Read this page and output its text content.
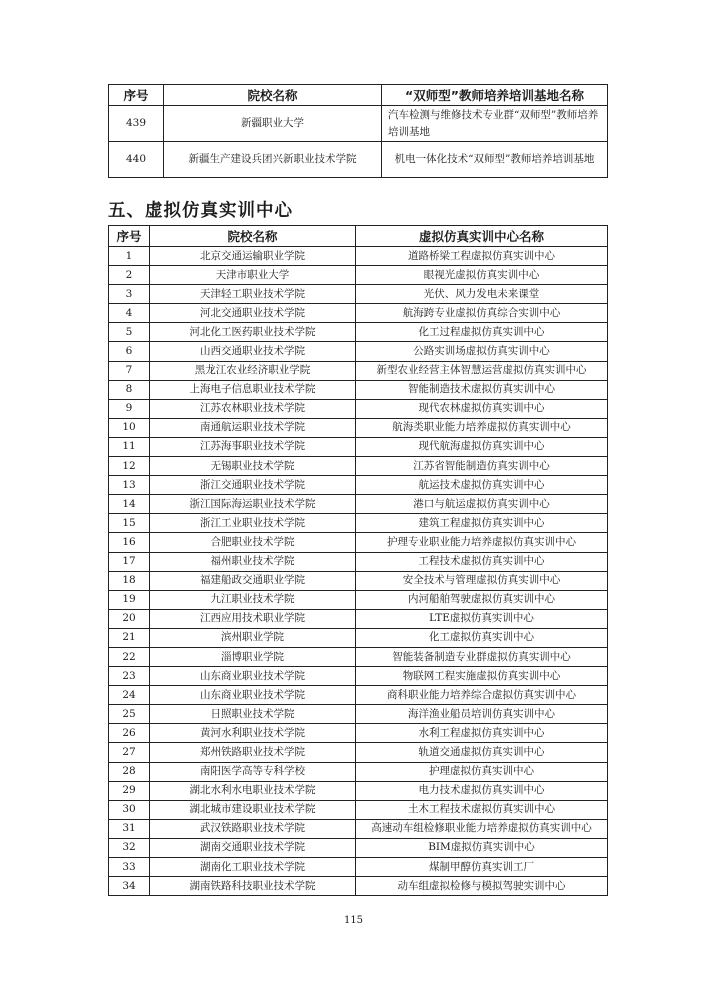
序号	院校名称	“双师型”教师培养培训基地名称
439	新疆职业大学	汽车检测与维修技术专业群“双师型”教师培养培训基地
440	新疆生产建设兵团兴新职业技术学院	机电一体化技术“双师型”教师培养培训基地
五、虚拟仿真实训中心
序号	院校名称	虚拟仿真实训中心名称
1	北京交通运输职业学院	道路桥梁工程虚拟仿真实训中心
2	天津市职业大学	眼视光虚拟仿真实训中心
3	天津轻工职业技术学院	光伏、风力发电未来课堂
4	河北交通职业技术学院	航海跨专业虚拟仿真综合实训中心
5	河北化工医药职业技术学院	化工过程虚拟仿真实训中心
6	山西交通职业技术学院	公路实训场虚拟仿真实训中心
7	黑龙江农业经济职业学院	新型农业经营主体智慧运营虚拟仿真实训中心
8	上海电子信息职业技术学院	智能制造技术虚拟仿真实训中心
9	江苏农林职业技术学院	现代农林虚拟仿真实训中心
10	南通航运职业技术学院	航海类职业能力培养虚拟仿真实训中心
11	江苏海事职业技术学院	现代航海虚拟仿真实训中心
12	无锡职业技术学院	江苏省智能制造仿真实训中心
13	浙江交通职业技术学院	航运技术虚拟仿真实训中心
14	浙江国际海运职业技术学院	港口与航运虚拟仿真实训中心
15	浙江工业职业技术学院	建筑工程虚拟仿真实训中心
16	合肥职业技术学院	护理专业职业能力培养虚拟仿真实训中心
17	福州职业技术学院	工程技术虚拟仿真实训中心
18	福建船政交通职业学院	安全技术与管理虚拟仿真实训中心
19	九江职业技术学院	内河船舶驾驶虚拟仿真实训中心
20	江西应用技术职业学院	LTE虚拟仿真实训中心
21	滨州职业学院	化工虚拟仿真实训中心
22	淄博职业学院	智能装备制造专业群虚拟仿真实训中心
23	山东商业职业技术学院	物联网工程实施虚拟仿真实训中心
24	山东商业职业技术学院	商科职业能力培养综合虚拟仿真实训中心
25	日照职业技术学院	海洋渔业船员培训仿真实训中心
26	黄河水利职业技术学院	水利工程虚拟仿真实训中心
27	郑州铁路职业技术学院	轨道交通虚拟仿真实训中心
28	南阳医学高等专科学校	护理虚拟仿真实训中心
29	湖北水利水电职业技术学院	电力技术虚拟仿真实训中心
30	湖北城市建设职业技术学院	土木工程技术虚拟仿真实训中心
31	武汉铁路职业技术学院	高速动车组检修职业能力培养虚拟仿真实训中心
32	湖南交通职业技术学院	BIM虚拟仿真实训中心
33	湖南化工职业技术学院	煤制甲醇仿真实训工厂
34	湖南铁路科技职业技术学院	动车组虚拟检修与模拟驾驶实训中心
115
